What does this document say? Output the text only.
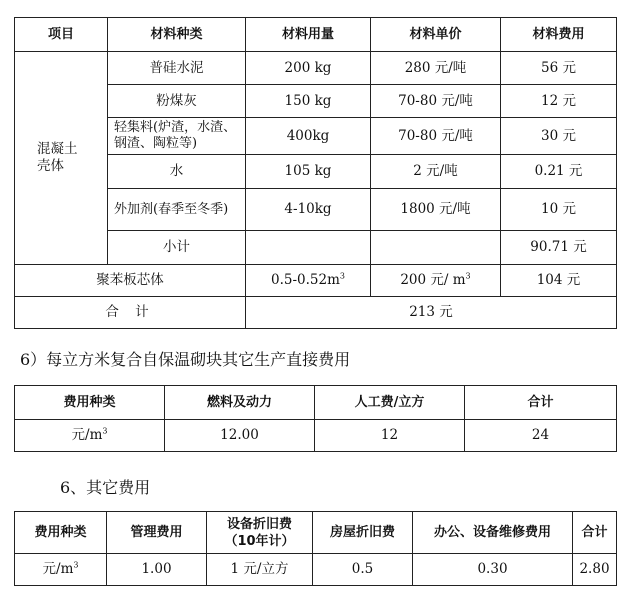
项目	材料种类	材料用量	材料单价	材料费用

混凝土壳体	普硅水泥	200 kg	280 元/吨	56 元
	粉煤灰	150 kg	70-80 元/吨	12 元
	轻集料(炉渣，水渣、钢渣、陶粒等)	400kg	70-80 元/吨	30 元
	水	105 kg	2 元/吨	0.21 元
	外加剂(春季至冬季)	4-10kg	1800 元/吨	10 元
	小计			90.71 元
聚苯板芯体		$0.5-0.52m^3$	200 元/ $m^3$	104 元
合 计		213 元		
6）每立方米复合自保温砌块其它生产直接费用
费用种类	燃料及动力	人工费/立方	合计
元$/m^3$	12.00	12	24
6、其它费用
费用种类	管理费用	设备折旧费
（10年计）	房屋折旧费	办公、设备维修费用	合计
元$/m^3$	1.00	1 元/立方	0.5	0.30	2.80
